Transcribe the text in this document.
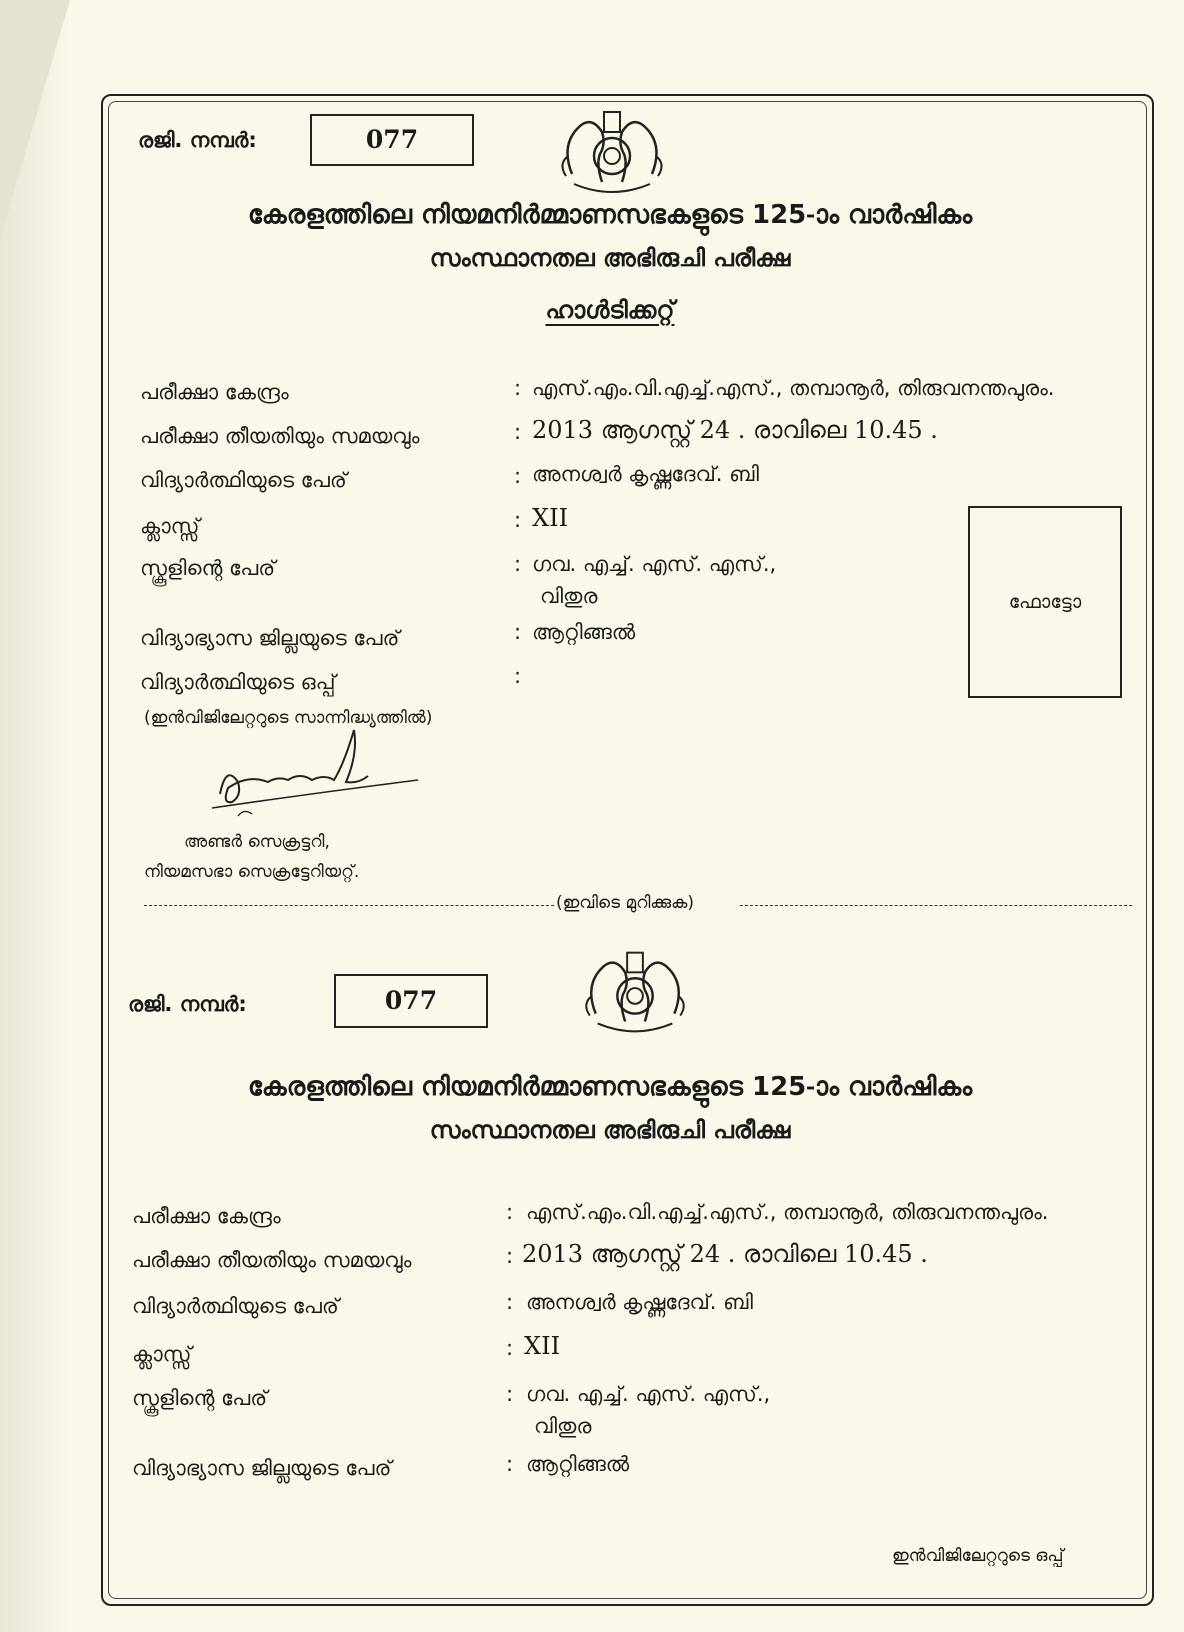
രജി. നമ്പർ:	077
കേരളത്തിലെ നിയമനിർമ്മാണസഭകളുടെ 125-ാം വാർഷികം
സംസ്ഥാനതല അഭിരുചി പരീക്ഷ
ഹാൾടിക്കറ്റ്
പരീക്ഷാ കേന്ദ്രം	: എസ്.എം.വി.എച്ച്.എസ്., തമ്പാനൂർ, തിരുവനന്തപുരം.
പരീക്ഷാ തീയതിയും സമയവും	: 2013 ആഗസ്റ്റ് 24 . രാവിലെ 10.45 .
വിദ്യാർത്ഥിയുടെ പേര്	: അനശ്വർ കൃഷ്ണദേവ്. ബി
ക്ലാസ്സ്	: XII
സ്കൂളിന്റെ പേര്	: ഗവ. എച്ച്. എസ്. എസ്.,
വിതുര
വിദ്യാഭ്യാസ ജില്ലയുടെ പേര്	: ആറ്റിങ്ങൽ
വിദ്യാർത്ഥിയുടെ ഒപ്പ്	:
(ഇൻവിജിലേറ്ററുടെ സാന്നിദ്ധ്യത്തിൽ)
ഫോട്ടോ
അണ്ടർ സെക്രട്ടറി,
നിയമസഭാ സെക്രട്ടേറിയറ്റ്.
(ഇവിടെ മുറിക്കുക)
രജി. നമ്പർ:	077
കേരളത്തിലെ നിയമനിർമ്മാണസഭകളുടെ 125-ാം വാർഷികം
സംസ്ഥാനതല അഭിരുചി പരീക്ഷ
പരീക്ഷാ കേന്ദ്രം	: എസ്.എം.വി.എച്ച്.എസ്., തമ്പാനൂർ, തിരുവനന്തപുരം.
പരീക്ഷാ തീയതിയും സമയവും	: 2013 ആഗസ്റ്റ് 24 . രാവിലെ 10.45 .
വിദ്യാർത്ഥിയുടെ പേര്	: അനശ്വർ കൃഷ്ണദേവ്. ബി
ക്ലാസ്സ്	: XII
സ്കൂളിന്റെ പേര്	: ഗവ. എച്ച്. എസ്. എസ്.,
വിതുര
വിദ്യാഭ്യാസ ജില്ലയുടെ പേര്	: ആറ്റിങ്ങൽ
ഇൻവിജിലേറ്ററുടെ ഒപ്പ്
